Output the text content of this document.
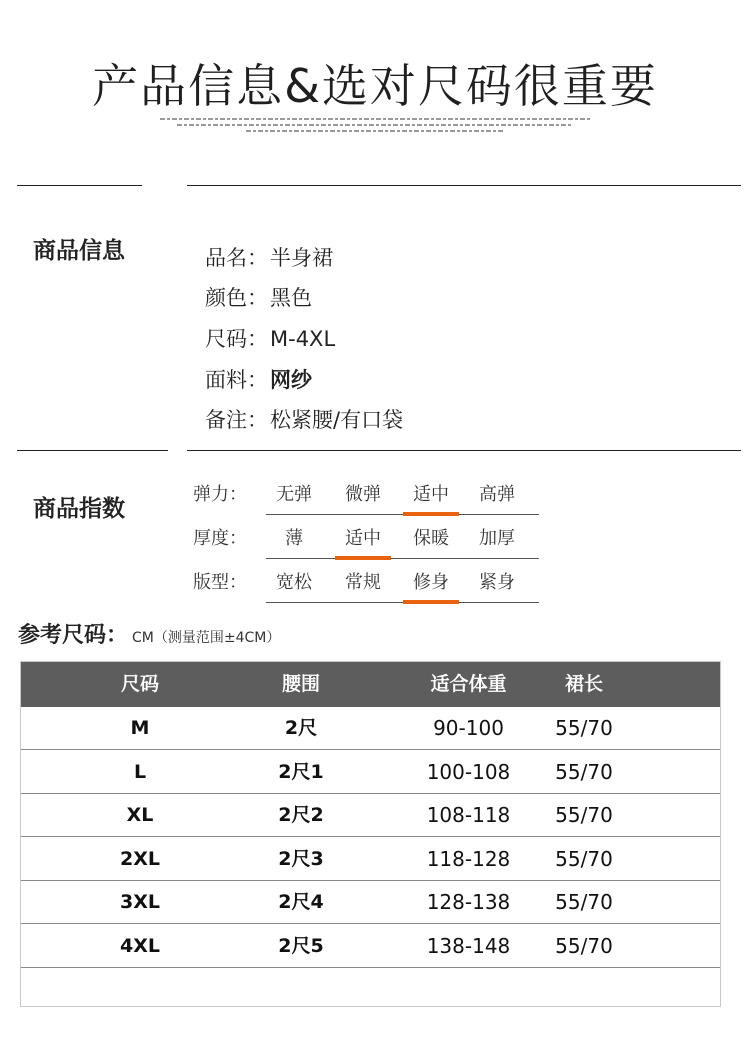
产品信息&选对尺码很重要
商品信息	品名：半身裙
颜色：黑色
尺码：M-4XL
面料：网纱
备注：松紧腰/有口袋
商品指数
弹力：	无弹	微弹	适中	高弹
厚度：	薄	适中	保暖	加厚
版型：	宽松	常规	修身	紧身
参考尺码： CM（测量范围±4CM）
尺码	腰围	适合体重	裙长
M	2尺	90-100	55/70
L	2尺1	100-108	55/70
XL	2尺2	108-118	55/70
2XL	2尺3	118-128	55/70
3XL	2尺4	128-138	55/70
4XL	2尺5	138-148	55/70
